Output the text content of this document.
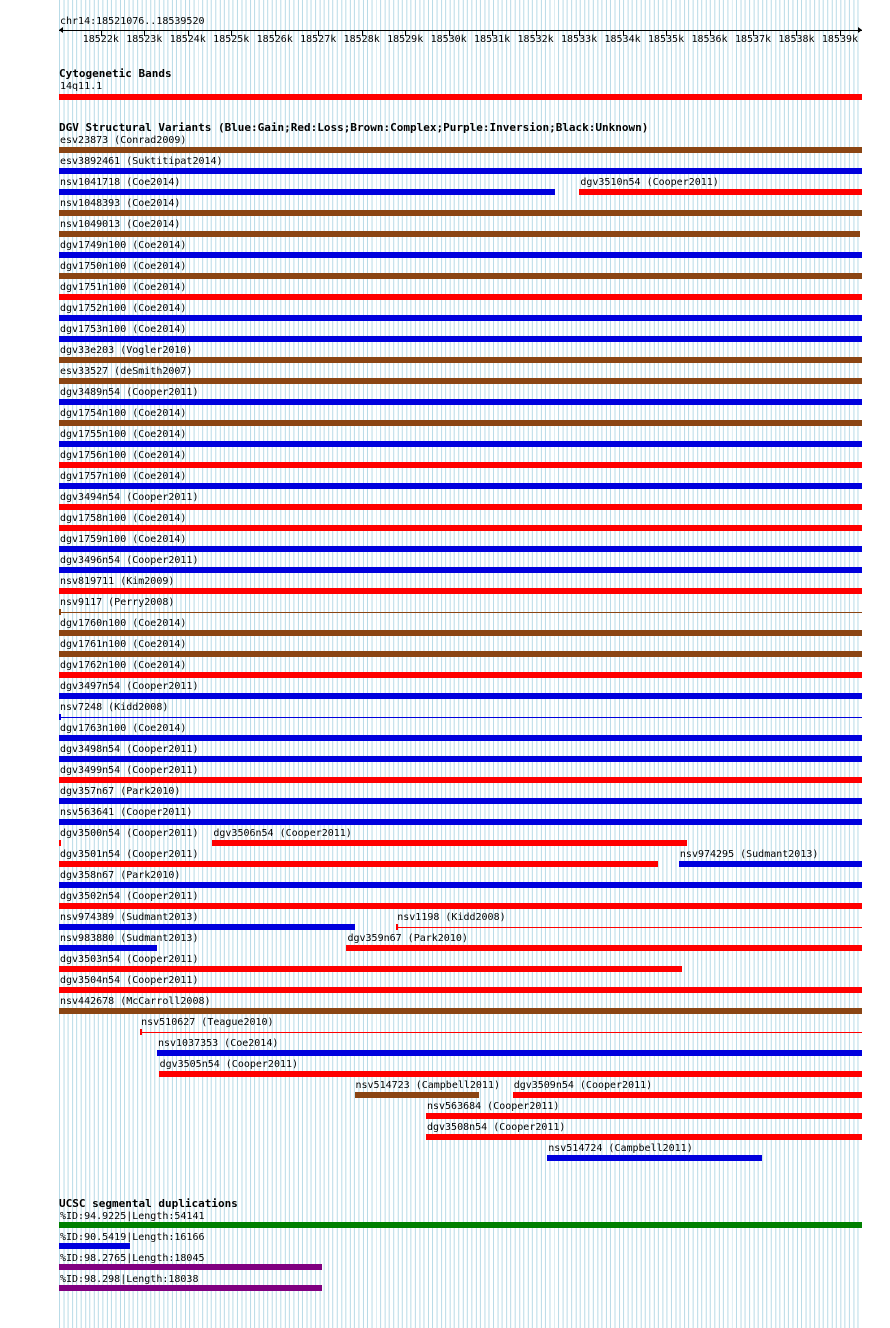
chr14:18521076..18539520
Cytogenetic Bands
14q11.1
DGV Structural Variants (Blue:Gain;Red:Loss;Brown:Complex;Purple:Inversion;Black:Unknown)
UCSC segmental duplications
18522k 18523k 18524k 18525k 18526k 18527k 18528k 18529k 18530k 18531k 18532k 18533k 18534k 18535k 18536k 18537k 18538k 18539k
esv23873 (Conrad2009)
esv3892461 (Suktitipat2014)
nsv1041718 (Coe2014)	dgv3510n54 (Cooper2011)
nsv1048393 (Coe2014)
nsv1049013 (Coe2014)
dgv1749n100 (Coe2014)
dgv1750n100 (Coe2014)
dgv1751n100 (Coe2014)
dgv1752n100 (Coe2014)
dgv1753n100 (Coe2014)
dgv33e203 (Vogler2010)
esv33527 (deSmith2007)
dgv3489n54 (Cooper2011)
dgv1754n100 (Coe2014)
dgv1755n100 (Coe2014)
dgv1756n100 (Coe2014)
dgv1757n100 (Coe2014)
dgv3494n54 (Cooper2011)
dgv1758n100 (Coe2014)
dgv1759n100 (Coe2014)
dgv3496n54 (Cooper2011)
nsv819711 (Kim2009)
nsv9117 (Perry2008)
dgv1760n100 (Coe2014)
dgv1761n100 (Coe2014)
dgv1762n100 (Coe2014)
dgv3497n54 (Cooper2011)
nsv7248 (Kidd2008)
dgv1763n100 (Coe2014)
dgv3498n54 (Cooper2011)
dgv3499n54 (Cooper2011)
dgv357n67 (Park2010)
nsv563641 (Cooper2011)
dgv3500n54 (Cooper2011) dgv3506n54 (Cooper2011)
dgv3501n54 (Cooper2011)	nsv974295 (Sudmant2013)
dgv358n67 (Park2010)
dgv3502n54 (Cooper2011)
nsv974389 (Sudmant2013)	nsv1198 (Kidd2008)
nsv983880 (Sudmant2013)	dgv359n67 (Park2010)
dgv3503n54 (Cooper2011)
dgv3504n54 (Cooper2011)
nsv442678 (McCarroll2008)
nsv510627 (Teague2010)
nsv1037353 (Coe2014)
dgv3505n54 (Cooper2011)
nsv514723 (Campbell2011) dgv3509n54 (Cooper2011)
nsv563684 (Cooper2011)
dgv3508n54 (Cooper2011)
nsv514724 (Campbell2011)
%ID:94.9225|Length:54141
%ID:90.5419|Length:16166
%ID:98.2765|Length:18045
%ID:98.298|Length:18038
